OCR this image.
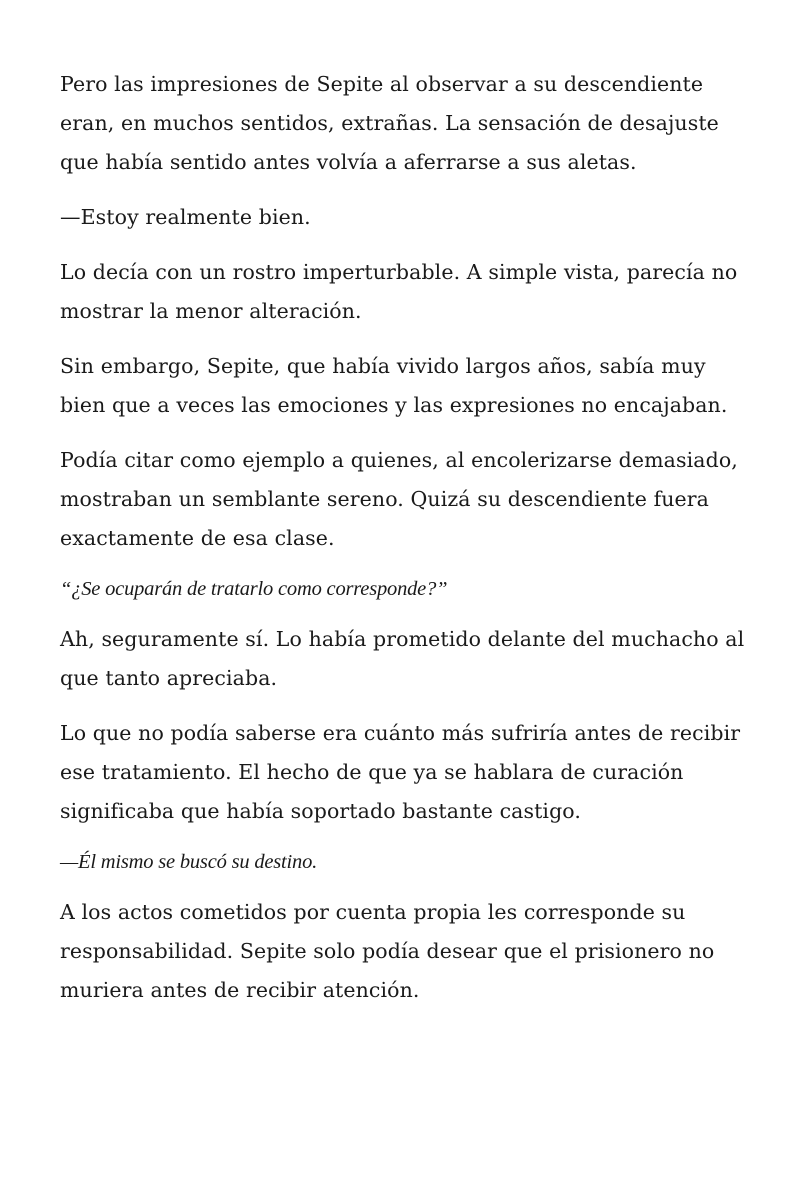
Pero las impresiones de Sepite al observar a su descendiente eran, en muchos sentidos, extrañas. La sensación de desajuste que había sentido antes volvía a aferrarse a sus aletas.

—Estoy realmente bien.

Lo decía con un rostro imperturbable. A simple vista, parecía no mostrar la menor alteración.

Sin embargo, Sepite, que había vivido largos años, sabía muy bien que a veces las emociones y las expresiones no encajaban.

Podía citar como ejemplo a quienes, al encolerizarse demasiado, mostraban un semblante sereno. Quizá su descendiente fuera exactamente de esa clase.

“¿Se ocuparán de tratarlo como corresponde?”

Ah, seguramente sí. Lo había prometido delante del muchacho al que tanto apreciaba.

Lo que no podía saberse era cuánto más sufriría antes de recibir ese tratamiento. El hecho de que ya se hablara de curación significaba que había soportado bastante castigo.

—Él mismo se buscó su destino.

A los actos cometidos por cuenta propia les corresponde su responsabilidad. Sepite solo podía desear que el prisionero no muriera antes de recibir atención.
